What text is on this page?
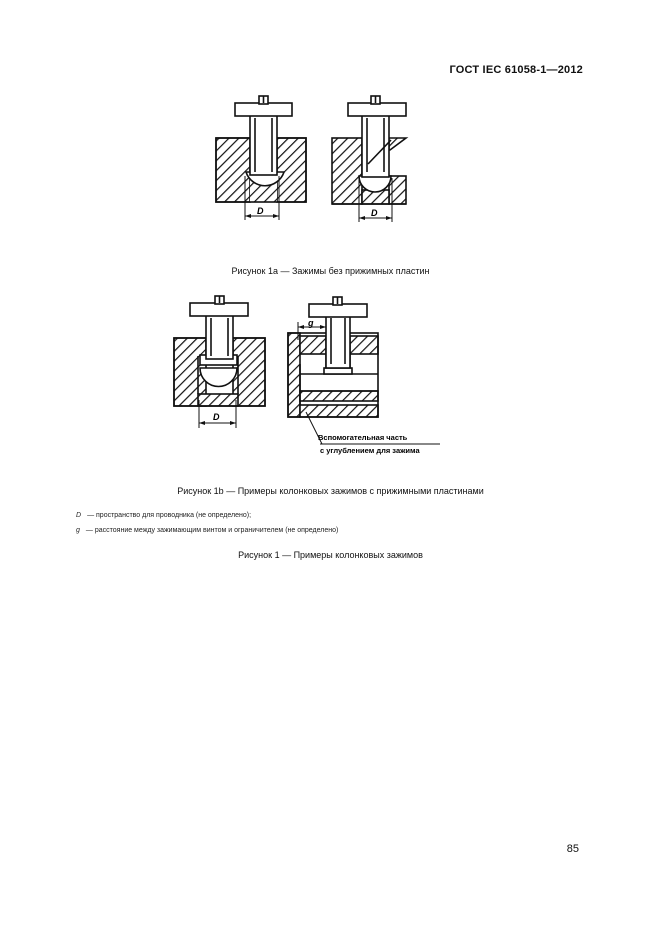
ГОСТ IEC 61058-1—2012
D	D
D
g
Вспомогательная часть
с углублением для зажима
Рисунок 1а — Зажимы без прижимных пластин
Рисунок 1b — Примеры колонковых зажимов с прижимными пластинами
D — пространство для проводника (не определено);
g — расстояние между зажимающим винтом и ограничителем (не определено)
Рисунок 1 — Примеры колонковых зажимов
85
